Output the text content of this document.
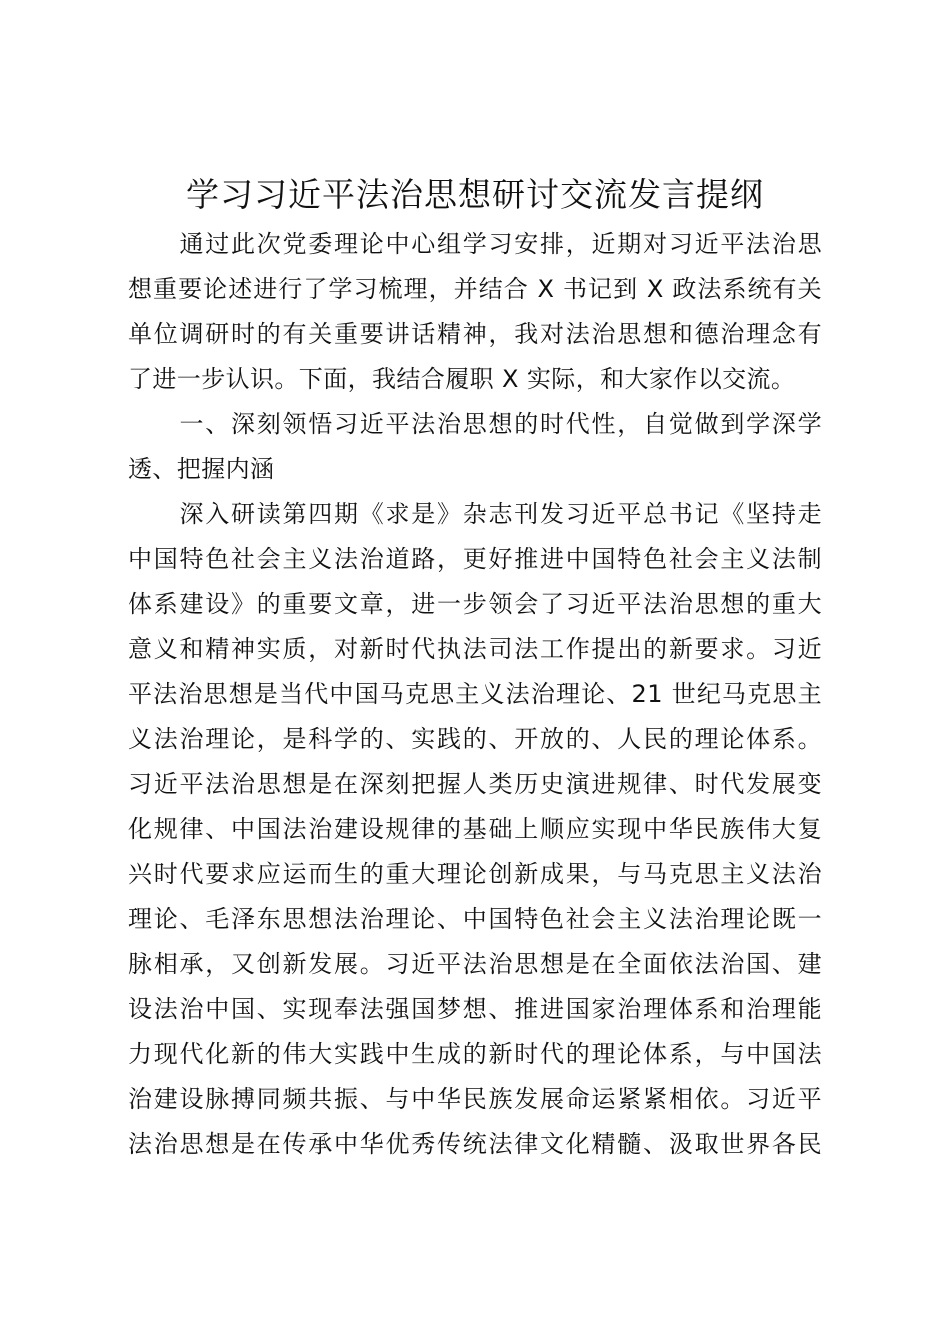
学习习近平法治思想研讨交流发言提纲
　　通过此次党委理论中心组学习安排，近期对习近平法治思
想重要论述进行了学习梳理，并结合 X 书记到 X 政法系统有关
单位调研时的有关重要讲话精神，我对法治思想和德治理念有
了进一步认识。下面，我结合履职 X 实际，和大家作以交流。
　　一、深刻领悟习近平法治思想的时代性，自觉做到学深学
透、把握内涵
　　深入研读第四期《求是》杂志刊发习近平总书记《坚持走
中国特色社会主义法治道路，更好推进中国特色社会主义法制
体系建设》的重要文章，进一步领会了习近平法治思想的重大
意义和精神实质，对新时代执法司法工作提出的新要求。习近
平法治思想是当代中国马克思主义法治理论、21 世纪马克思主
义法治理论，是科学的、实践的、开放的、人民的理论体系。
习近平法治思想是在深刻把握人类历史演进规律、时代发展变
化规律、中国法治建设规律的基础上顺应实现中华民族伟大复
兴时代要求应运而生的重大理论创新成果，与马克思主义法治
理论、毛泽东思想法治理论、中国特色社会主义法治理论既一
脉相承，又创新发展。习近平法治思想是在全面依法治国、建
设法治中国、实现奉法强国梦想、推进国家治理体系和治理能
力现代化新的伟大实践中生成的新时代的理论体系，与中国法
治建设脉搏同频共振、与中华民族发展命运紧紧相依。习近平
法治思想是在传承中华优秀传统法律文化精髓、汲取世界各民
